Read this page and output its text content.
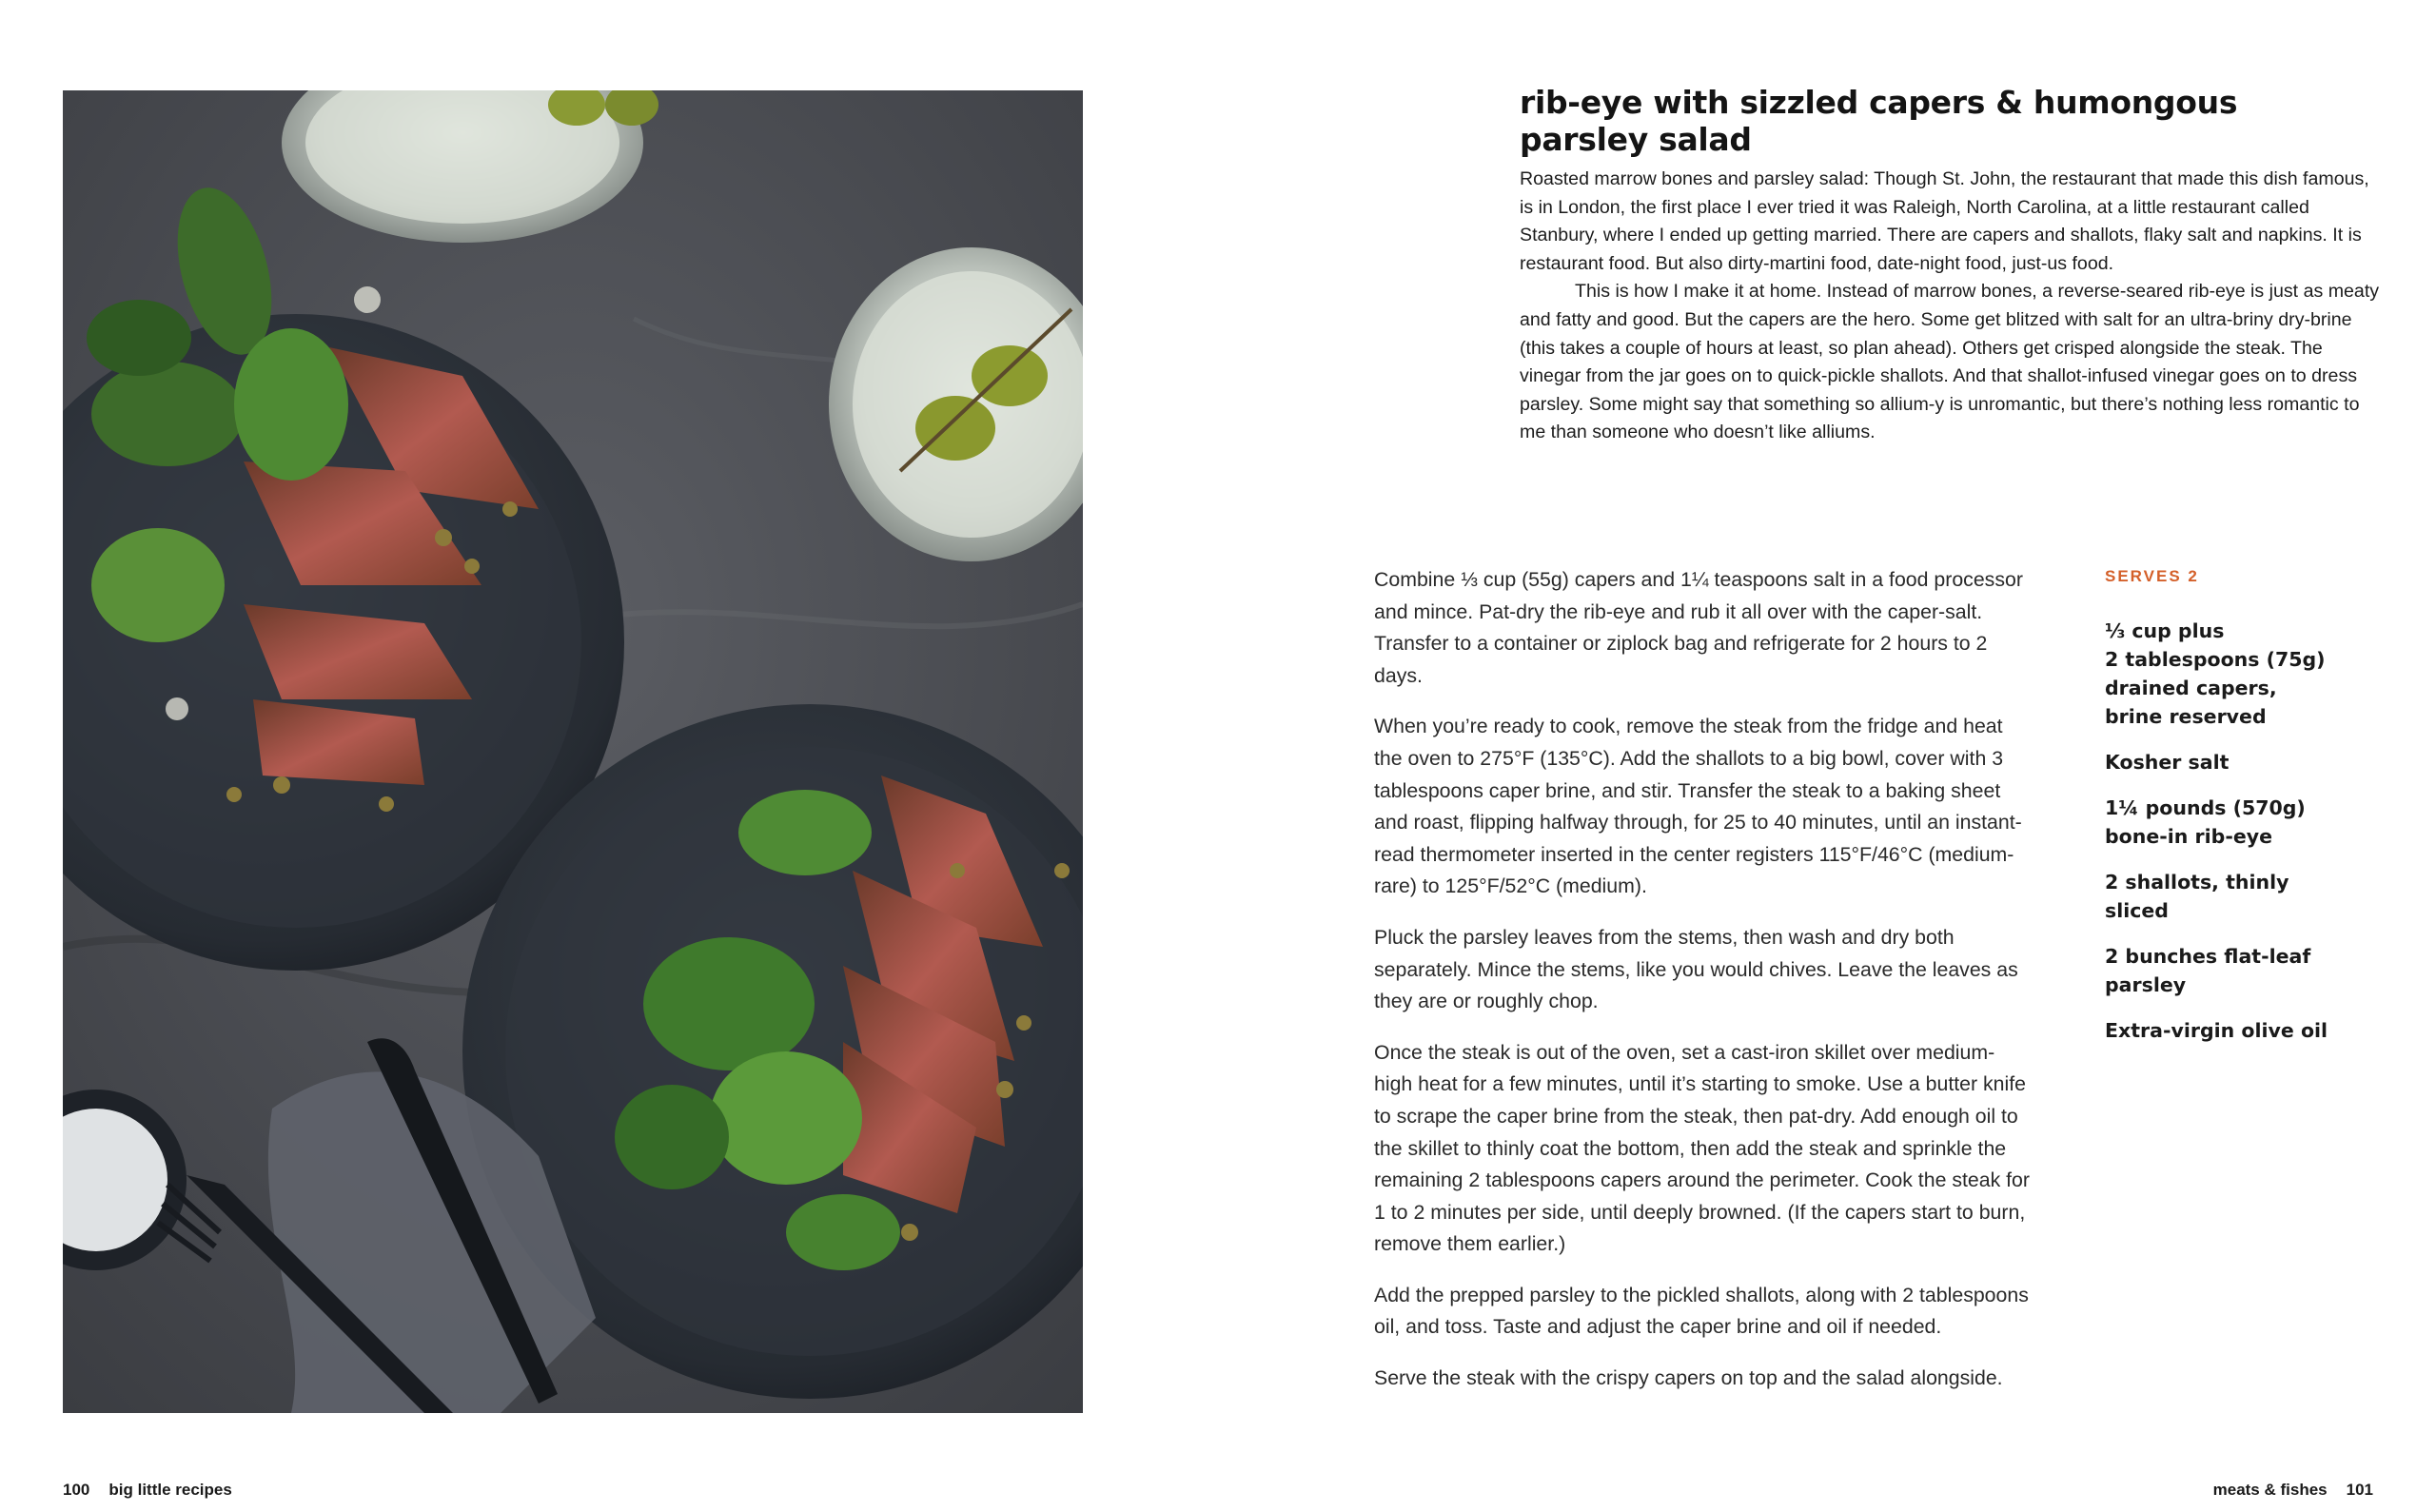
rib-eye with sizzled capers & humongous parsley salad

Roasted marrow bones and parsley salad: Though St. John, the restaurant that made this dish famous, is in London, the first place I ever tried it was Raleigh, North Carolina, at a little restaurant called Stanbury, where I ended up getting married. There are capers and shallots, flaky salt and napkins. It is restaurant food. But also dirty-martini food, date-night food, just-us food.

This is how I make it at home. Instead of marrow bones, a reverse-seared rib-eye is just as meaty and fatty and good. But the capers are the hero. Some get blitzed with salt for an ultra-briny dry-brine (this takes a couple of hours at least, so plan ahead). Others get crisped alongside the steak. The vinegar from the jar goes on to quick-pickle shallots. And that shallot-infused vinegar goes on to dress parsley. Some might say that something so allium-y is unromantic, but there’s nothing less romantic to me than someone who doesn’t like alliums.

Combine ⅓ cup (55g) capers and 1¼ teaspoons salt in a food processor and mince. Pat-dry the rib-eye and rub it all over with the caper-salt. Transfer to a container or ziplock bag and refrigerate for 2 hours to 2 days.

When you’re ready to cook, remove the steak from the fridge and heat the oven to 275°F (135°C). Add the shallots to a big bowl, cover with 3 tablespoons caper brine, and stir. Transfer the steak to a baking sheet and roast, flipping halfway through, for 25 to 40 minutes, until an instant-read thermometer inserted in the center registers 115°F/46°C (medium-rare) to 125°F/52°C (medium).

Pluck the parsley leaves from the stems, then wash and dry both separately. Mince the stems, like you would chives. Leave the leaves as they are or roughly chop.

Once the steak is out of the oven, set a cast-iron skillet over medium-high heat for a few minutes, until it’s starting to smoke. Use a butter knife to scrape the caper brine from the steak, then pat-dry. Add enough oil to the skillet to thinly coat the bottom, then add the steak and sprinkle the remaining 2 tablespoons capers around the perimeter. Cook the steak for 1 to 2 minutes per side, until deeply browned. (If the capers start to burn, remove them earlier.)

Add the prepped parsley to the pickled shallots, along with 2 tablespoons oil, and toss. Taste and adjust the caper brine and oil if needed.

Serve the steak with the crispy capers on top and the salad alongside.

SERVES 2
⅓ cup plus
2 tablespoons (75g)
drained capers,
brine reserved
Kosher salt
1¼ pounds (570g)
bone-in rib-eye
2 shallots, thinly sliced
2 bunches flat-leaf
parsley
Extra-virgin olive oil
100 big little recipes	meats & fishes 101
